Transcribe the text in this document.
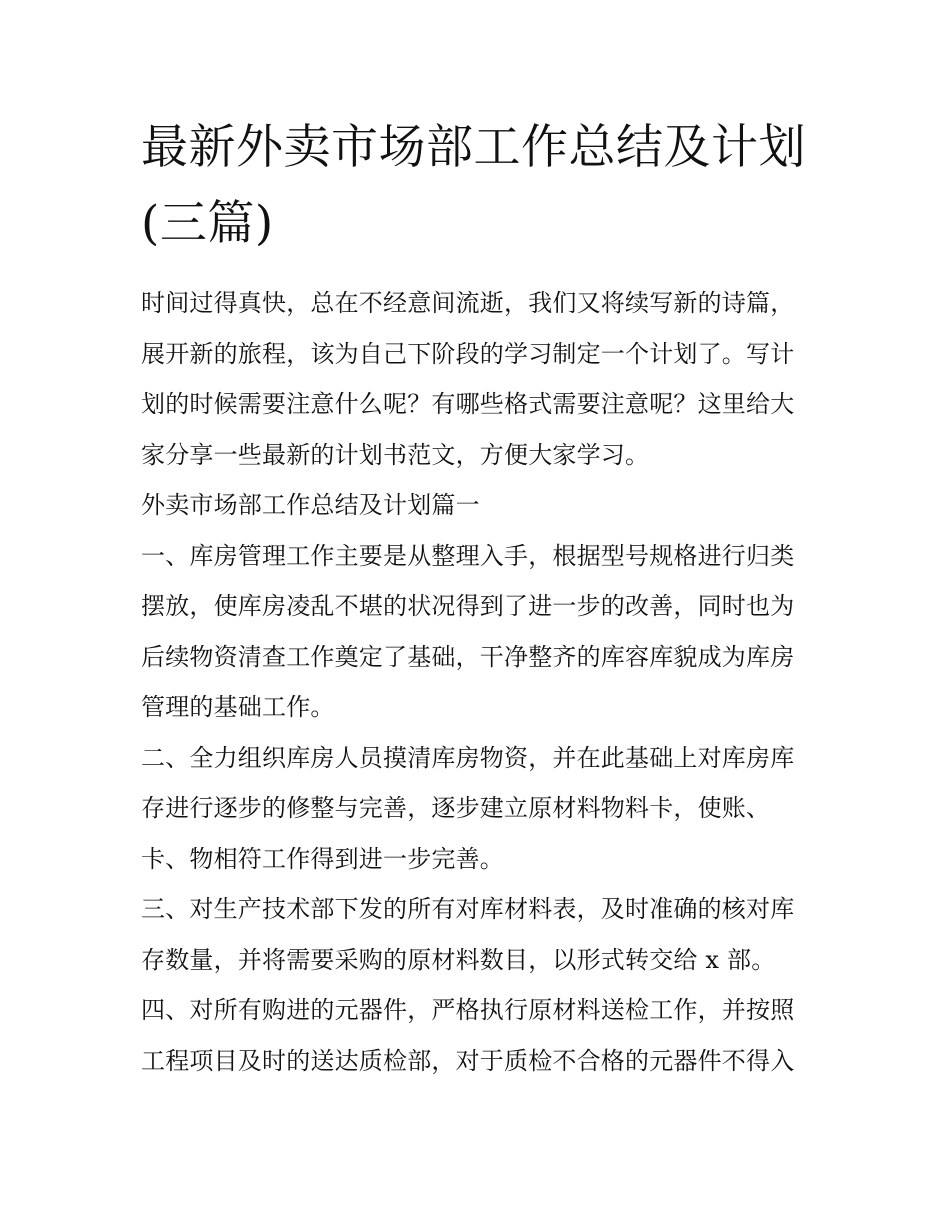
最新外卖市场部工作总结及计划(三篇)

时间过得真快，总在不经意间流逝，我们又将续写新的诗篇，展开新的旅程，该为自己下阶段的学习制定一个计划了。写计划的时候需要注意什么呢？有哪些格式需要注意呢？这里给大家分享一些最新的计划书范文，方便大家学习。

外卖市场部工作总结及计划篇一

一、库房管理工作主要是从整理入手，根据型号规格进行归类摆放，使库房凌乱不堪的状况得到了进一步的改善，同时也为后续物资清查工作奠定了基础，干净整齐的库容库貌成为库房管理的基础工作。

二、全力组织库房人员摸清库房物资，并在此基础上对库房库存进行逐步的修整与完善，逐步建立原材料物料卡，使账、卡、物相符工作得到进一步完善。

三、对生产技术部下发的所有对库材料表，及时准确的核对库存数量，并将需要采购的原材料数目，以形式转交给 x 部。

四、对所有购进的元器件，严格执行原材料送检工作，并按照工程项目及时的送达质检部，对于质检不合格的元器件不得入
